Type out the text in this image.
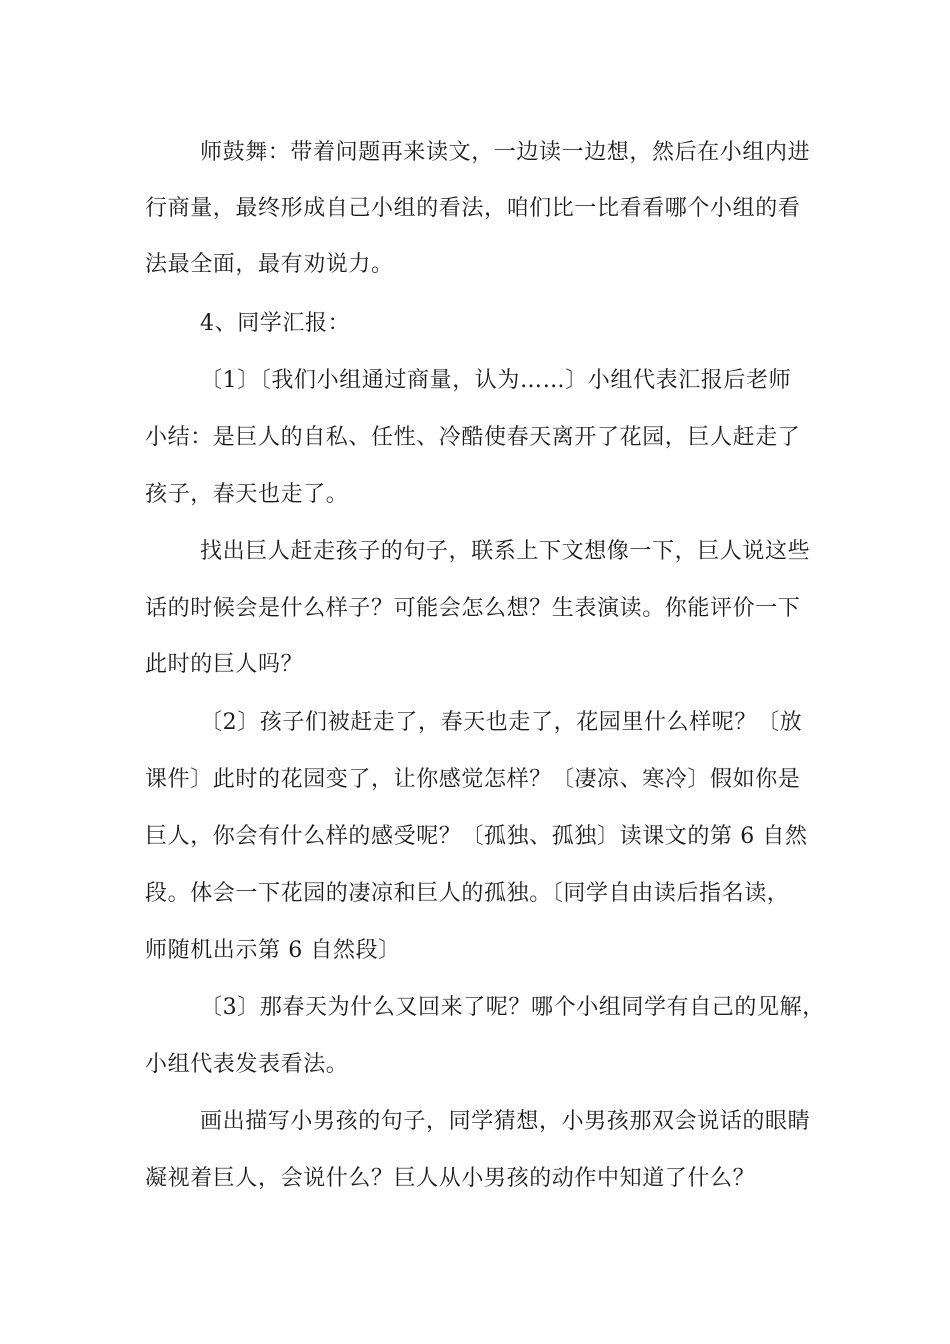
师鼓舞：带着问题再来读文，一边读一边想，然后在小组内进
行商量，最终形成自己小组的看法，咱们比一比看看哪个小组的看
法最全面，最有劝说力。
4、同学汇报：
〔1〕〔我们小组通过商量，认为……〕小组代表汇报后老师
小结：是巨人的自私、任性、冷酷使春天离开了花园，巨人赶走了
孩子，春天也走了。
找出巨人赶走孩子的句子，联系上下文想像一下，巨人说这些
话的时候会是什么样子？可能会怎么想？生表演读。你能评价一下
此时的巨人吗？
〔2〕孩子们被赶走了，春天也走了，花园里什么样呢？〔放
课件〕此时的花园变了，让你感觉怎样？〔凄凉、寒冷〕假如你是
巨人，你会有什么样的感受呢？〔孤独、孤独〕读课文的第 6 自然
段。体会一下花园的凄凉和巨人的孤独。〔同学自由读后指名读，
师随机出示第 6 自然段〕
〔3〕那春天为什么又回来了呢？哪个小组同学有自己的见解，
小组代表发表看法。
画出描写小男孩的句子，同学猜想，小男孩那双会说话的眼睛
凝视着巨人，会说什么？巨人从小男孩的动作中知道了什么？
